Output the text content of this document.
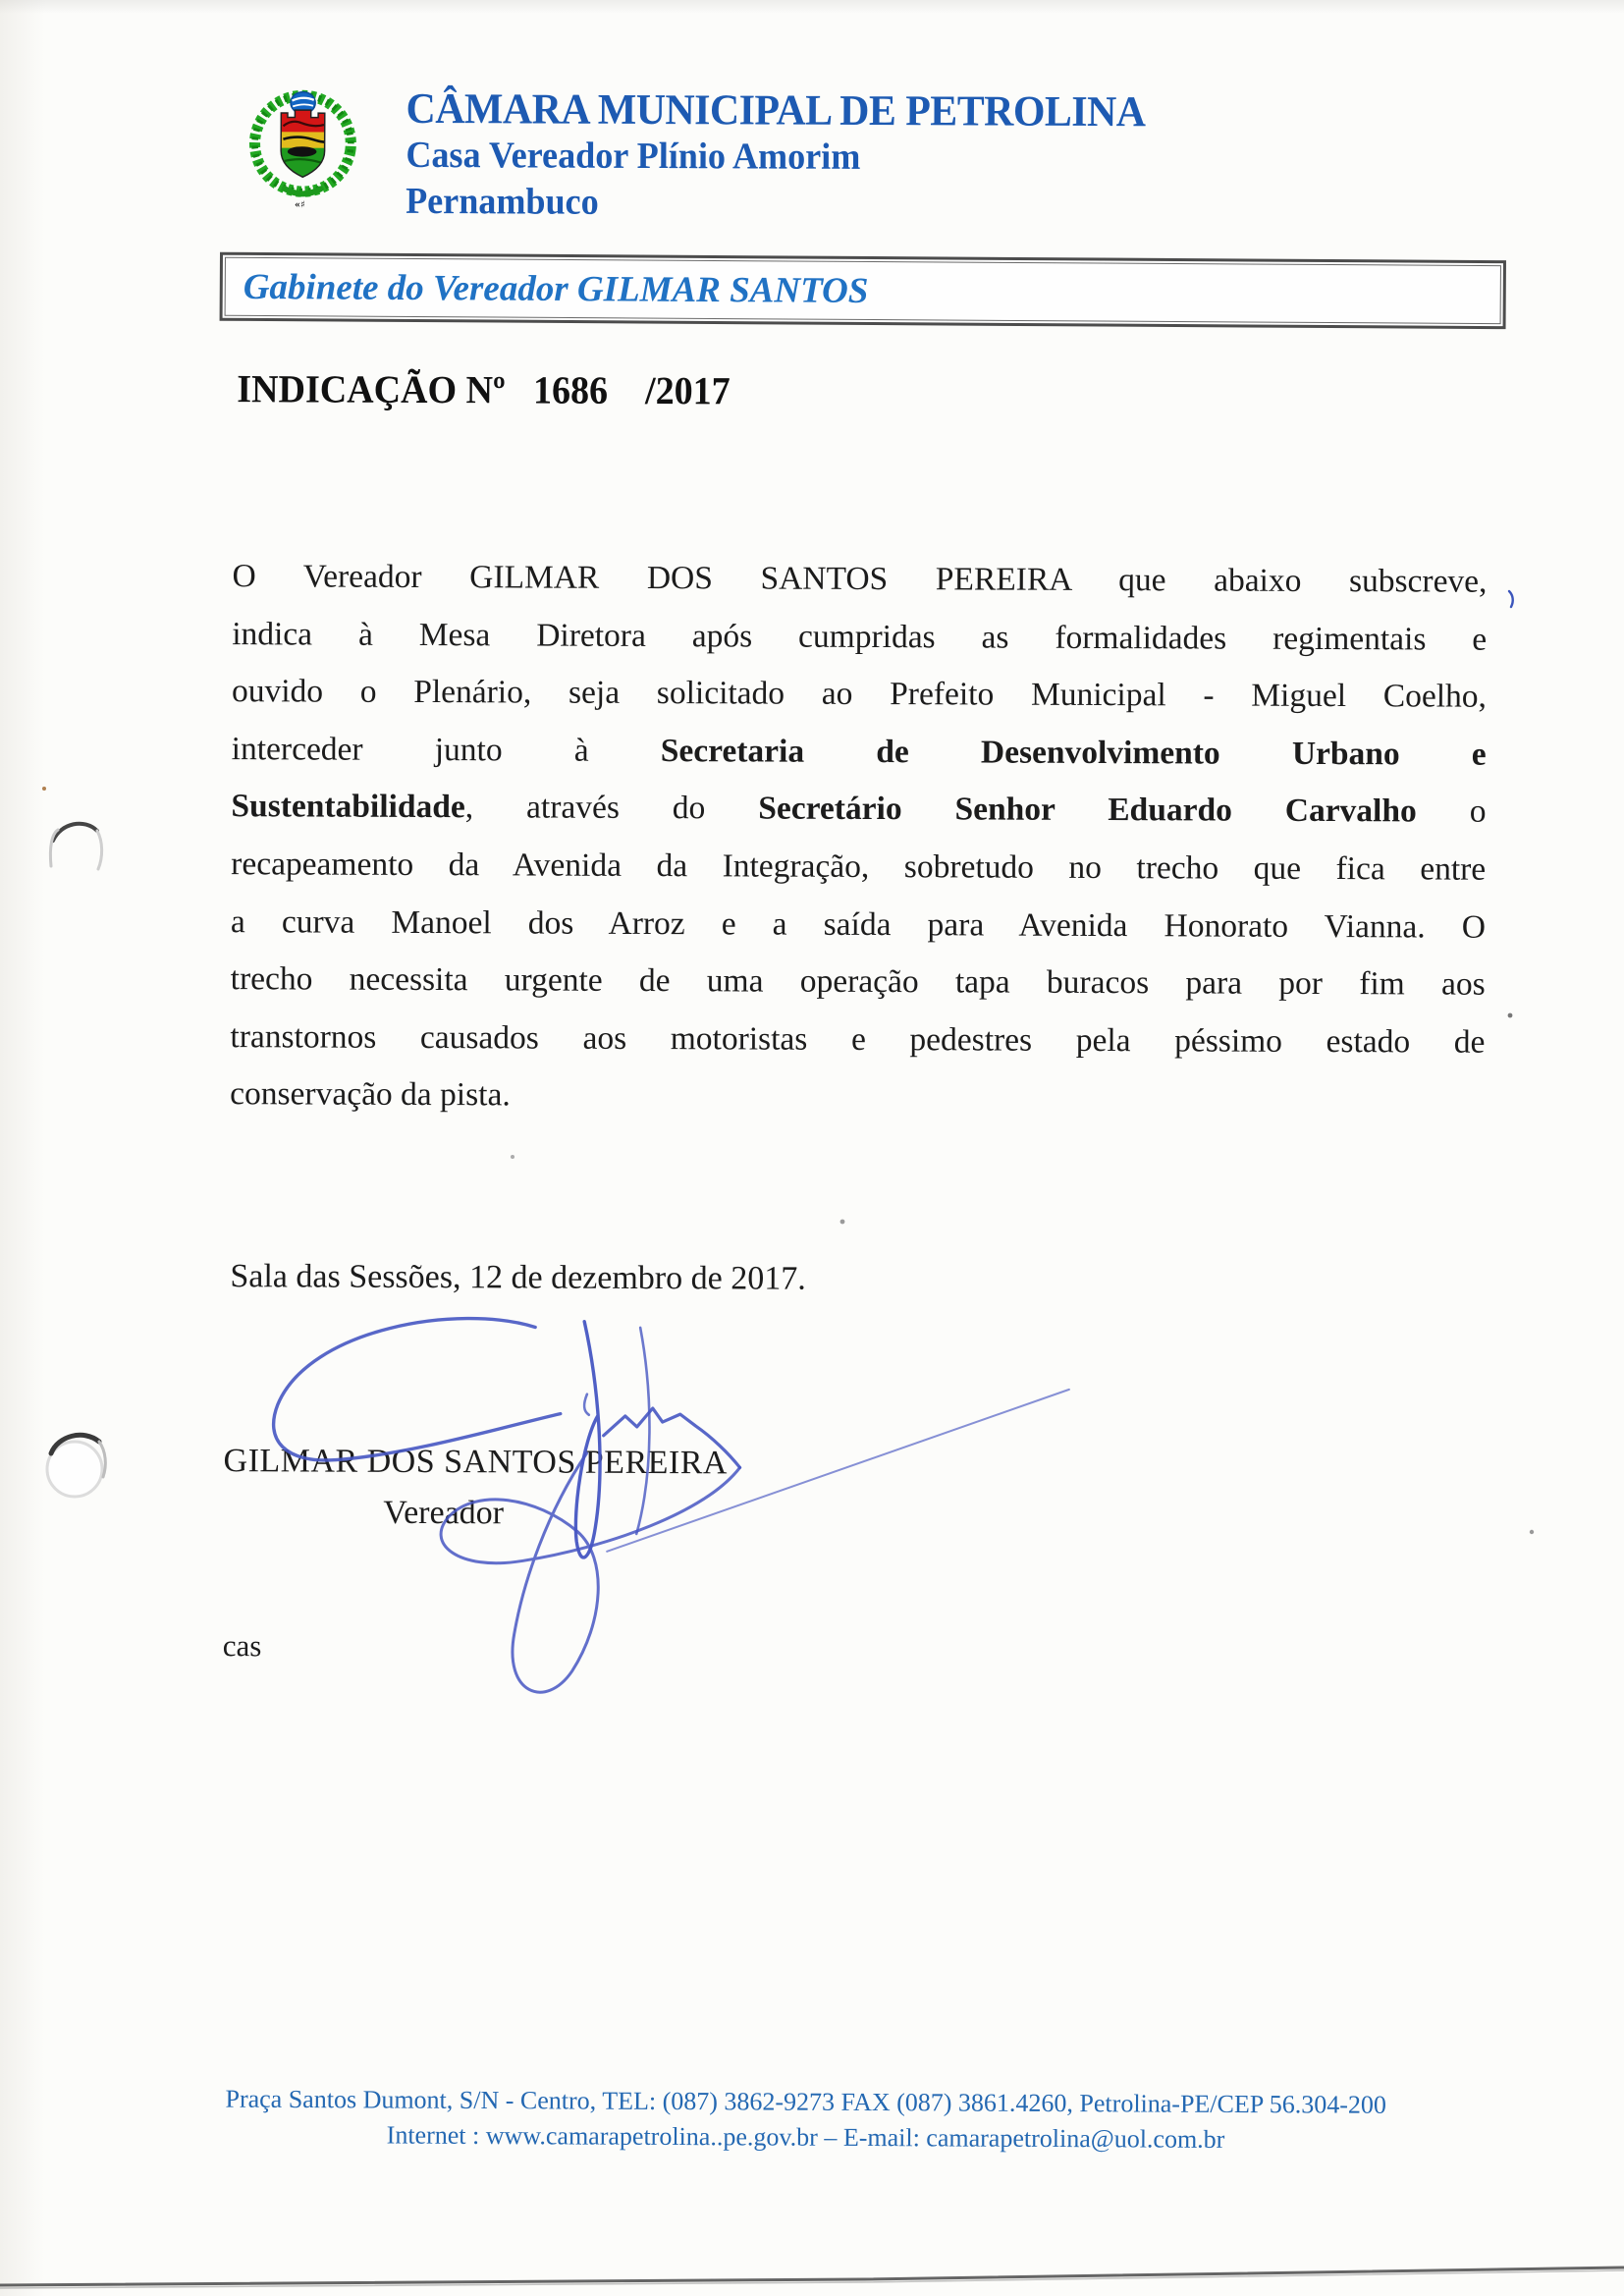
«♯
CÂMARA MUNICIPAL DE PETROLINA
Casa Vereador Plínio Amorim
Pernambuco
Gabinete do Vereador GILMAR SANTOS
INDICAÇÃO Nº 1686 /2017
O Vereador GILMAR DOS SANTOS PEREIRA que abaixo subscreve,
indica à Mesa Diretora após cumpridas as formalidades regimentais e
ouvido o Plenário, seja solicitado ao Prefeito Municipal - Miguel Coelho,
interceder junto à Secretaria de Desenvolvimento Urbano e
Sustentabilidade, através do Secretário Senhor Eduardo Carvalho o
recapeamento da Avenida da Integração, sobretudo no trecho que fica entre
a curva Manoel dos Arroz e a saída para Avenida Honorato Vianna. O
trecho necessita urgente de uma operação tapa buracos para por fim aos
transtornos causados aos motoristas e pedestres pela péssimo estado de
conservação da pista.
Sala das Sessões, 12 de dezembro de 2017.
GILMAR DOS SANTOS PEREIRA
Vereador
cas
Praça Santos Dumont, S/N - Centro, TEL: (087) 3862-9273 FAX (087) 3861.4260, Petrolina-PE/CEP 56.304-200
Internet : www.camarapetrolina..pe.gov.br – E-mail: camarapetrolina@uol.com.br
